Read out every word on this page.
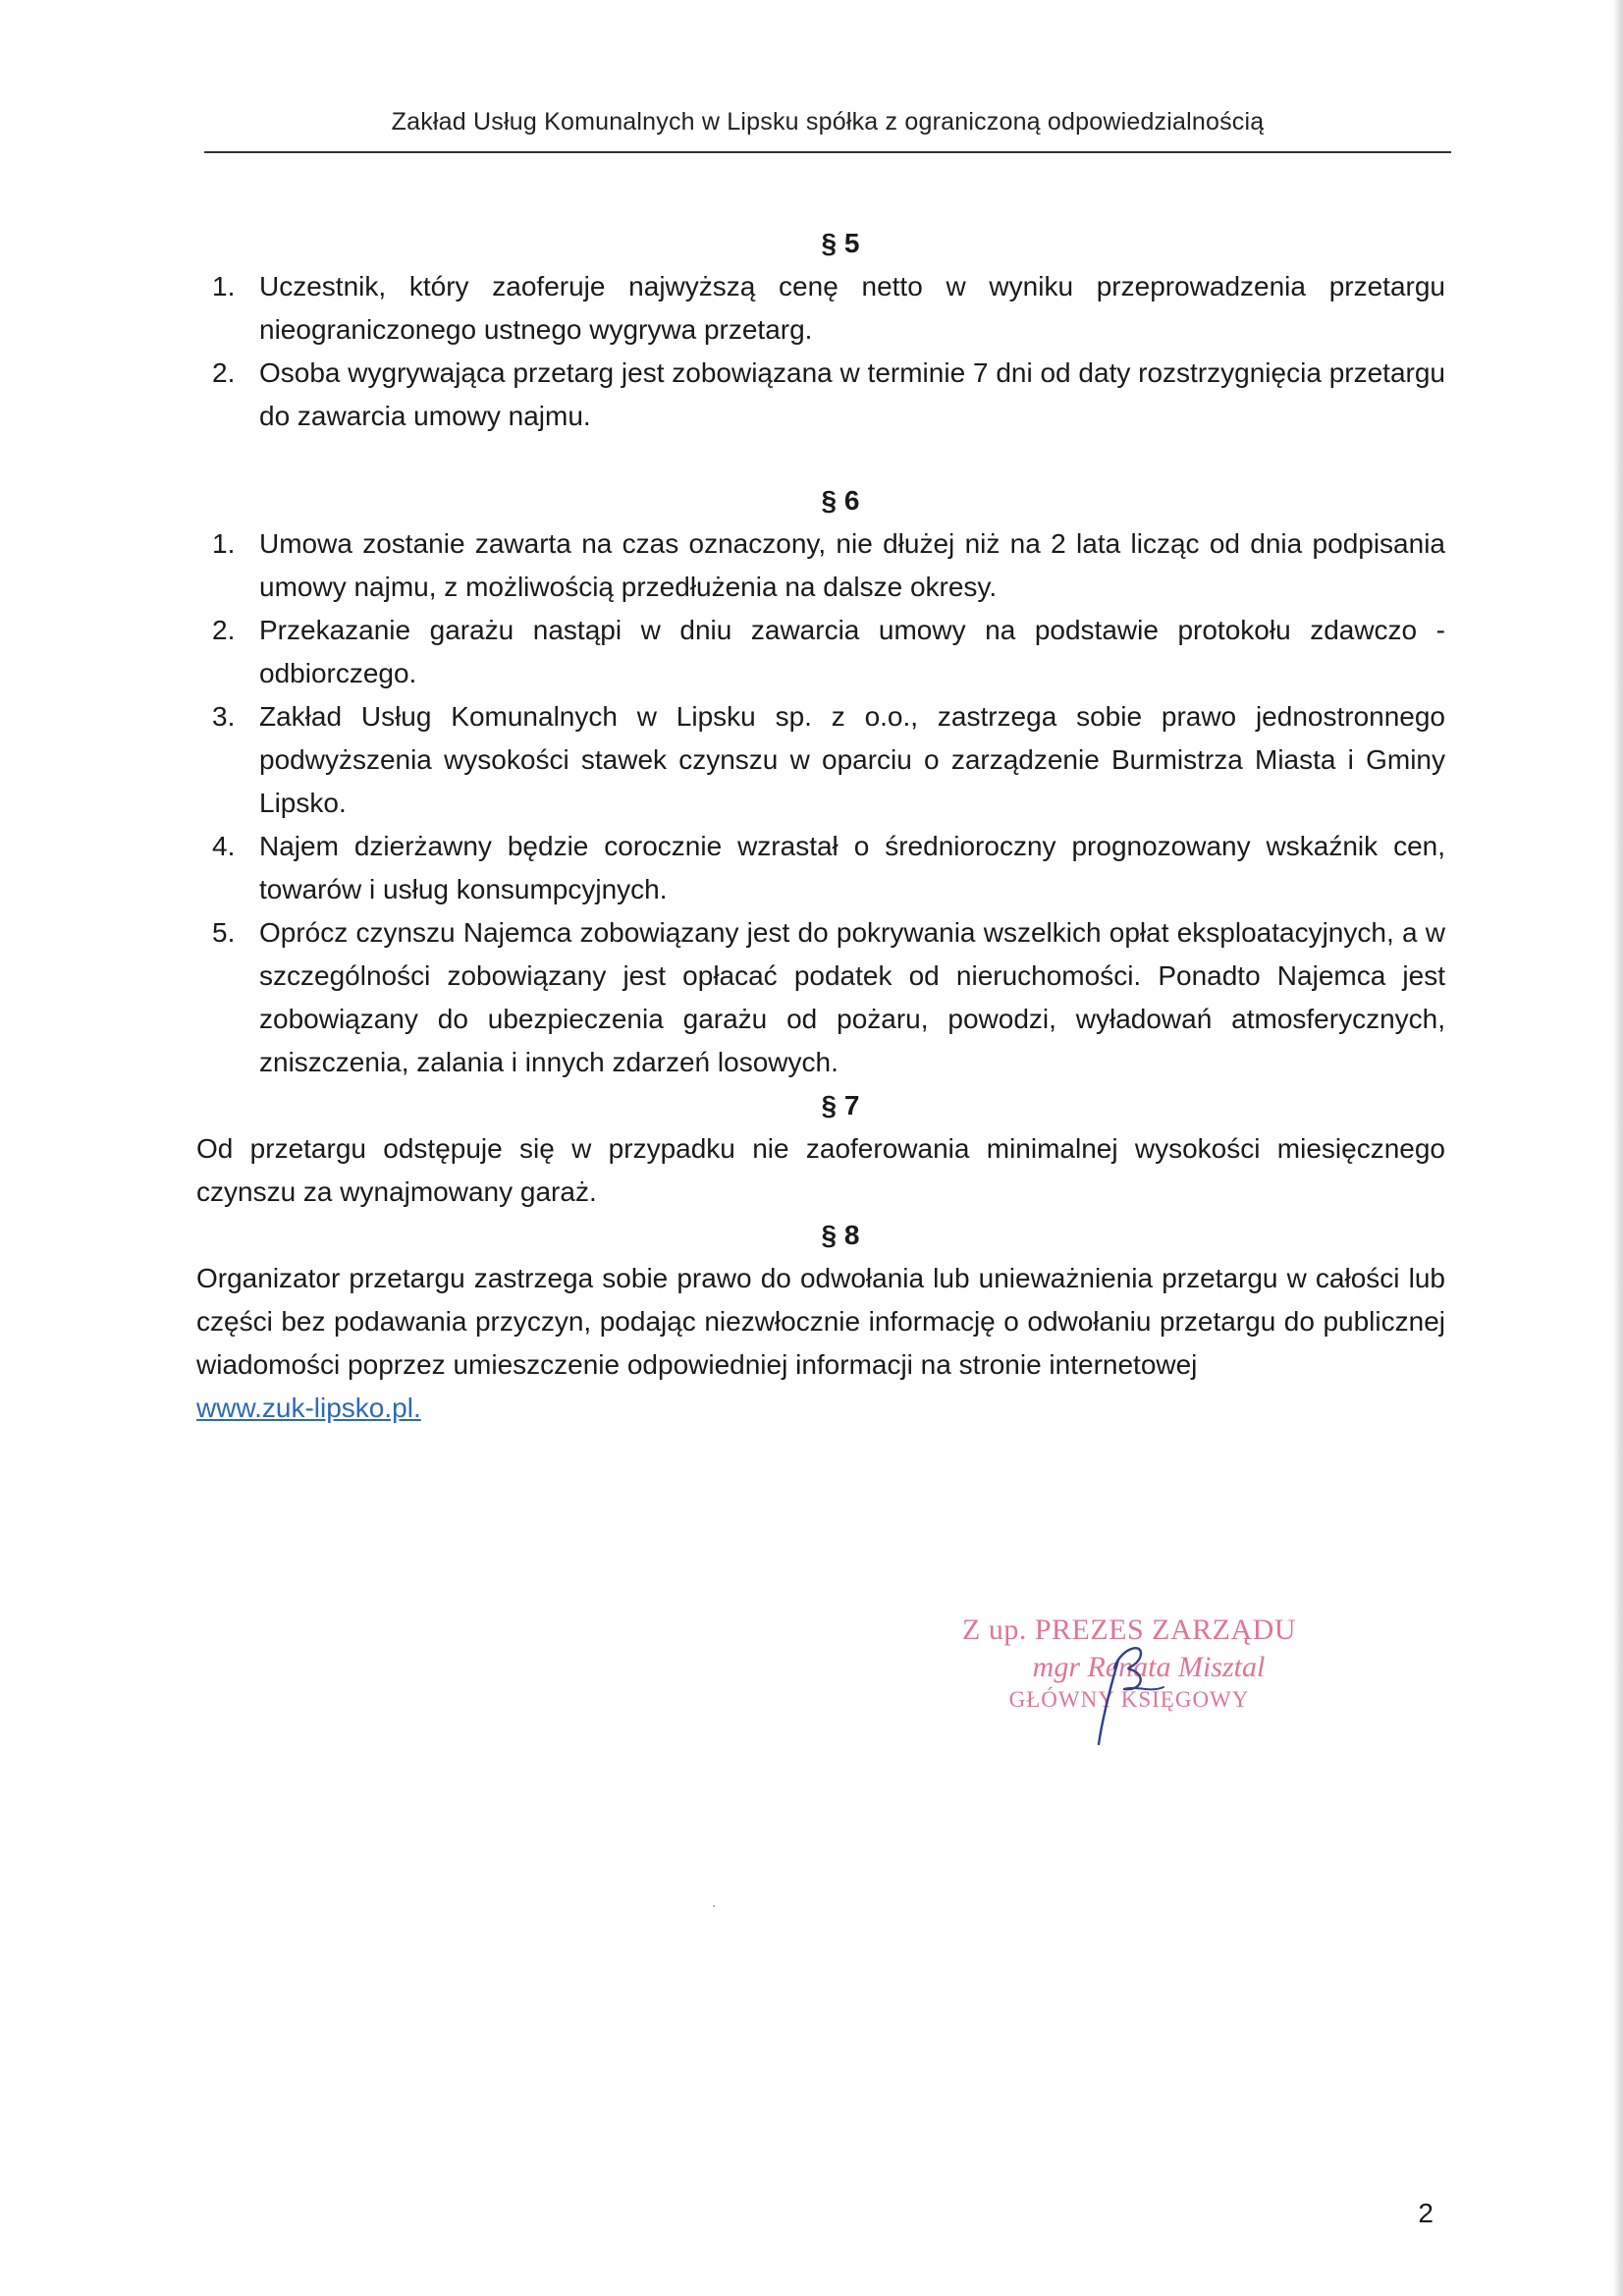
Zakład Usług Komunalnych w Lipsku spółka z ograniczoną odpowiedzialnością
§ 5
1. Uczestnik, który zaoferuje najwyższą cenę netto w wyniku przeprowadzenia przetargu nieograniczonego ustnego wygrywa przetarg.
2. Osoba wygrywająca przetarg jest zobowiązana w terminie 7 dni od daty rozstrzygnięcia przetargu do zawarcia umowy najmu.
§ 6
1. Umowa zostanie zawarta na czas oznaczony, nie dłużej niż na 2 lata licząc od dnia podpisania umowy najmu, z możliwością przedłużenia na dalsze okresy.
2. Przekazanie garażu nastąpi w dniu zawarcia umowy na podstawie protokołu zdawczo - odbiorczego.
3. Zakład Usług Komunalnych w Lipsku sp. z o.o., zastrzega sobie prawo jednostronnego podwyższenia wysokości stawek czynszu w oparciu o zarządzenie Burmistrza Miasta i Gminy Lipsko.
4. Najem dzierżawny będzie corocznie wzrastał o średnioroczny prognozowany wskaźnik cen, towarów i usług konsumpcyjnych.
5. Oprócz czynszu Najemca zobowiązany jest do pokrywania wszelkich opłat eksploatacyjnych, a w szczególności zobowiązany jest opłacać podatek od nieruchomości. Ponadto Najemca jest zobowiązany do ubezpieczenia garażu od pożaru, powodzi, wyładowań atmosferycznych, zniszczenia, zalania i innych zdarzeń losowych.
§ 7

Od przetargu odstępuje się w przypadku nie zaoferowania minimalnej wysokości miesięcznego czynszu za wynajmowany garaż.

§ 8

Organizator przetargu zastrzega sobie prawo do odwołania lub unieważnienia przetargu w całości lub części bez podawania przyczyn, podając niezwłocznie informację o odwołaniu przetargu do publicznej wiadomości poprzez umieszczenie odpowiedniej informacji na stronie internetowej
www.zuk-lipsko.pl.

Z up. PREZES ZARZĄDU
mgr Renata Misztal
GŁÓWNY KSIĘGOWY
2
